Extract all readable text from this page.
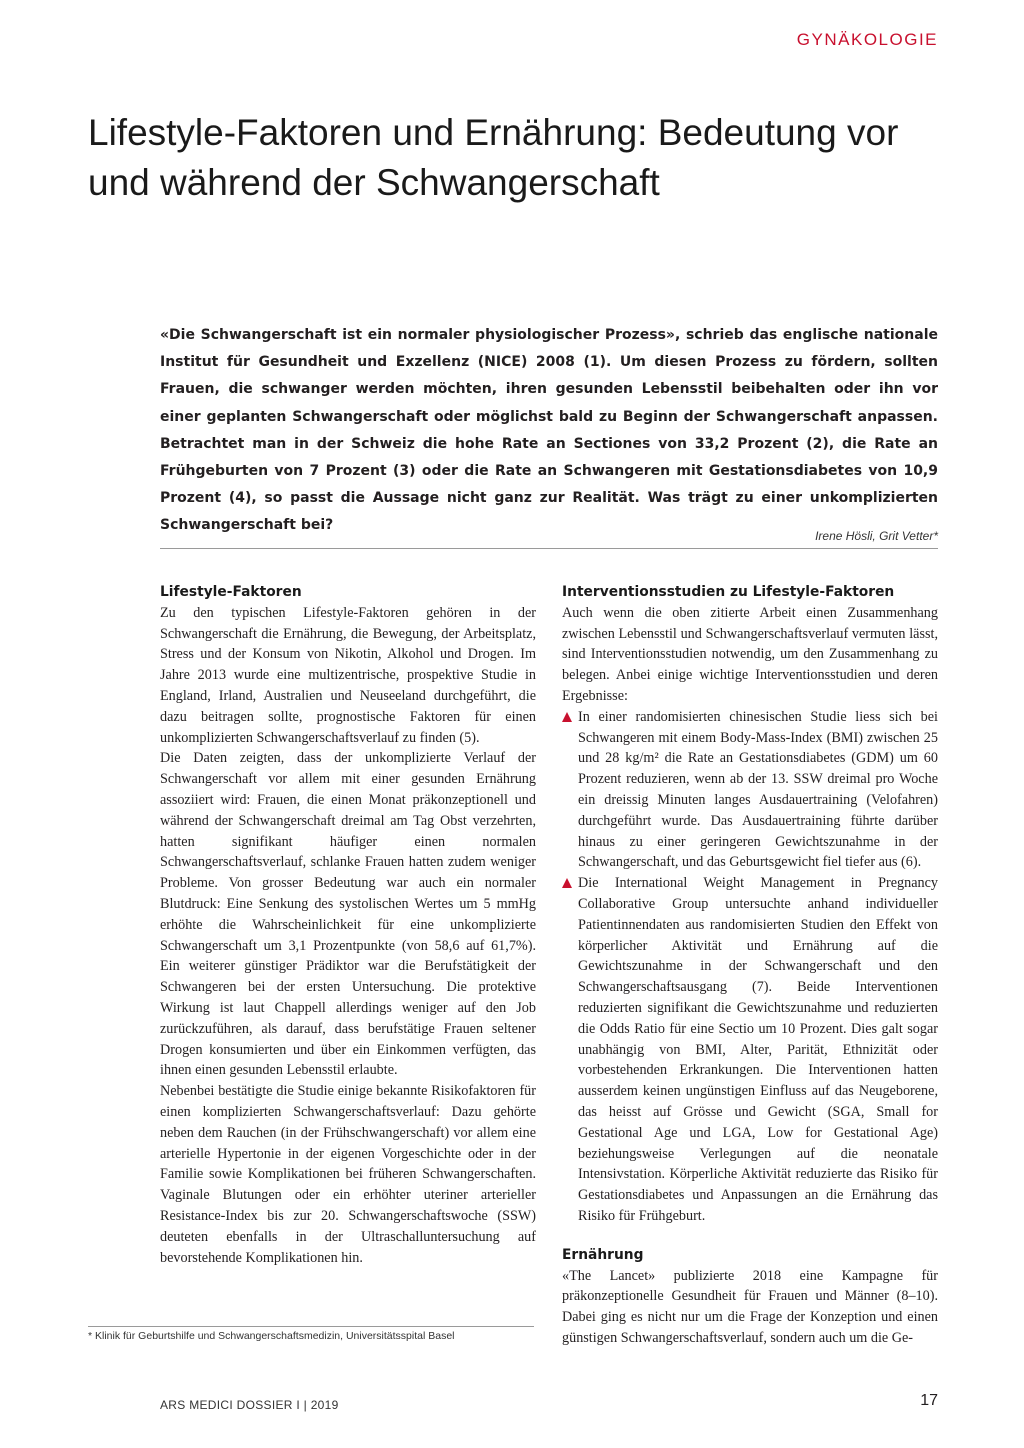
GYNÄKOLOGIE
Lifestyle-Faktoren und Ernährung: Bedeutung vor und während der Schwangerschaft

«Die Schwangerschaft ist ein normaler physiologischer Prozess», schrieb das englische nationale Institut für Gesundheit und Exzellenz (NICE) 2008 (1). Um diesen Prozess zu fördern, sollten Frauen, die schwanger werden möchten, ihren gesunden Lebensstil beibehalten oder ihn vor einer geplanten Schwangerschaft oder möglichst bald zu Beginn der Schwangerschaft anpassen. Betrachtet man in der Schweiz die hohe Rate an Sectiones von 33,2 Prozent (2), die Rate an Frühgeburten von 7 Prozent (3) oder die Rate an Schwangeren mit Gestationsdiabetes von 10,9 Prozent (4), so passt die Aussage nicht ganz zur Realität. Was trägt zu einer unkomplizierten Schwangerschaft bei?

Irene Hösli, Grit Vetter*
Lifestyle-Faktoren

Zu den typischen Lifestyle-Faktoren gehören in der Schwangerschaft die Ernährung, die Bewegung, der Arbeitsplatz, Stress und der Konsum von Nikotin, Alkohol und Drogen. Im Jahre 2013 wurde eine multizentrische, prospektive Studie in England, Irland, Australien und Neuseeland durchgeführt, die dazu beitragen sollte, prognostische Faktoren für einen unkomplizierten Schwangerschaftsverlauf zu finden (5).

Die Daten zeigten, dass der unkomplizierte Verlauf der Schwangerschaft vor allem mit einer gesunden Ernährung assoziiert wird: Frauen, die einen Monat präkonzeptionell und während der Schwangerschaft dreimal am Tag Obst verzehrten, hatten signifikant häufiger einen normalen Schwangerschaftsverlauf, schlanke Frauen hatten zudem weniger Probleme. Von grosser Bedeutung war auch ein normaler Blutdruck: Eine Senkung des systolischen Wertes um 5 mmHg erhöhte die Wahrscheinlichkeit für eine unkomplizierte Schwangerschaft um 3,1 Prozentpunkte (von 58,6 auf 61,7%). Ein weiterer günstiger Prädiktor war die Berufstätigkeit der Schwangeren bei der ersten Untersuchung. Die protektive Wirkung ist laut Chappell allerdings weniger auf den Job zurückzuführen, als darauf, dass berufstätige Frauen seltener Drogen konsumierten und über ein Einkommen verfügten, das ihnen einen gesunden Lebensstil erlaubte.

Nebenbei bestätigte die Studie einige bekannte Risikofaktoren für einen komplizierten Schwangerschaftsverlauf: Dazu gehörte neben dem Rauchen (in der Frühschwangerschaft) vor allem eine arterielle Hypertonie in der eigenen Vorgeschichte oder in der Familie sowie Komplikationen bei früheren Schwangerschaften. Vaginale Blutungen oder ein erhöhter uteriner arterieller Resistance-Index bis zur 20. Schwangerschaftswoche (SSW) deuteten ebenfalls in der Ultraschalluntersuchung auf bevorstehende Komplikationen hin.

Interventionsstudien zu Lifestyle-Faktoren

Auch wenn die oben zitierte Arbeit einen Zusammenhang zwischen Lebensstil und Schwangerschaftsverlauf vermuten lässt, sind Interventionsstudien notwendig, um den Zusammenhang zu belegen. Anbei einige wichtige Interventionsstudien und deren Ergebnisse:

In einer randomisierten chinesischen Studie liess sich bei Schwangeren mit einem Body-Mass-Index (BMI) zwischen 25 und 28 kg/m² die Rate an Gestationsdiabetes (GDM) um 60 Prozent reduzieren, wenn ab der 13. SSW dreimal pro Woche ein dreissig Minuten langes Ausdauertraining (Velofahren) durchgeführt wurde. Das Ausdauertraining führte darüber hinaus zu einer geringeren Gewichtszunahme in der Schwangerschaft, und das Geburtsgewicht fiel tiefer aus (6).
Die International Weight Management in Pregnancy Collaborative Group untersuchte anhand individueller Patientinnendaten aus randomisierten Studien den Effekt von körperlicher Aktivität und Ernährung auf die Gewichtszunahme in der Schwangerschaft und den Schwangerschaftsausgang (7). Beide Interventionen reduzierten signifikant die Gewichtszunahme und reduzierten die Odds Ratio für eine Sectio um 10 Prozent. Dies galt sogar unabhängig von BMI, Alter, Parität, Ethnizität oder vorbestehenden Erkrankungen. Die Interventionen hatten ausserdem keinen ungünstigen Einfluss auf das Neugeborene, das heisst auf Grösse und Gewicht (SGA, Small for Gestational Age und LGA, Low for Gestational Age) beziehungsweise Verlegungen auf die neonatale Intensivstation. Körperliche Aktivität reduzierte das Risiko für Gestationsdiabetes und Anpassungen an die Ernährung das Risiko für Frühgeburt.
Ernährung

«The Lancet» publizierte 2018 eine Kampagne für präkonzeptionelle Gesundheit für Frauen und Männer (8–10). Dabei ging es nicht nur um die Frage der Konzeption und einen günstigen Schwangerschaftsverlauf, sondern auch um die Ge-

* Klinik für Geburtshilfe und Schwangerschaftsmedizin, Universitätsspital Basel
ARS MEDICI DOSSIER I | 2019	17
